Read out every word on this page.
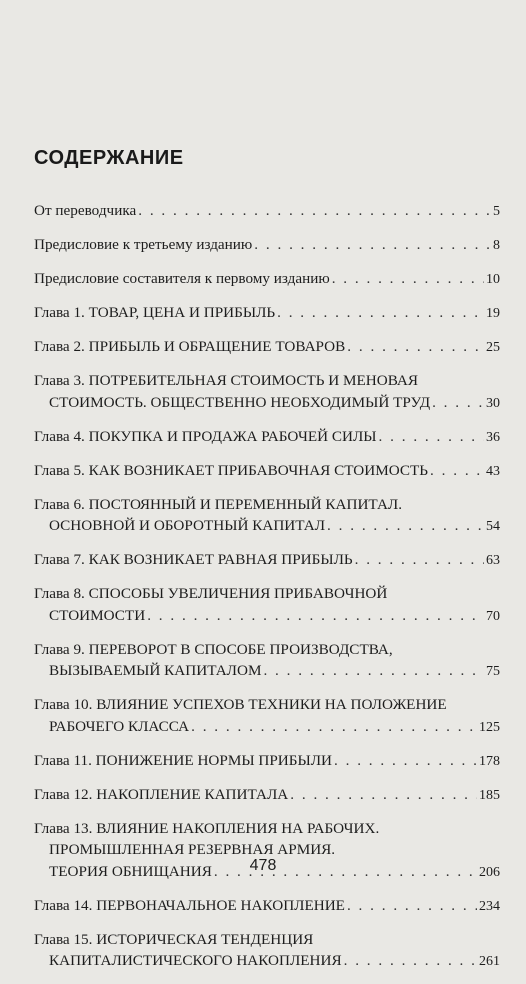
СОДЕРЖАНИЕ
От переводчика . . .	5
Предисловие к третьему изданию . . .	8
Предисловие составителя к первому изданию . . .	10
Глава 1. ТОВАР, ЦЕНА И ПРИБЫЛЬ . . .	19
Глава 2. ПРИБЫЛЬ И ОБРАЩЕНИЕ ТОВАРОВ . . .	25
Глава 3. ПОТРЕБИТЕЛЬНАЯ СТОИМОСТЬ И МЕНОВАЯ
СТОИМОСТЬ. ОБЩЕСТВЕННО НЕОБХОДИМЫЙ ТРУД . . .	30
Глава 4. ПОКУПКА И ПРОДАЖА РАБОЧЕЙ СИЛЫ . . .	36
Глава 5. КАК ВОЗНИКАЕТ ПРИБАВОЧНАЯ СТОИМОСТЬ . . .	43
Глава 6. ПОСТОЯННЫЙ И ПЕРЕМЕННЫЙ КАПИТАЛ.
ОСНОВНОЙ И ОБОРОТНЫЙ КАПИТАЛ . . .	54
Глава 7. КАК ВОЗНИКАЕТ РАВНАЯ ПРИБЫЛЬ . . .	63
Глава 8. СПОСОБЫ УВЕЛИЧЕНИЯ ПРИБАВОЧНОЙ
СТОИМОСТИ . . .	70
Глава 9. ПЕРЕВОРОТ В СПОСОБЕ ПРОИЗВОДСТВА,
ВЫЗЫВАЕМЫЙ КАПИТАЛОМ . . .	75
Глава 10. ВЛИЯНИЕ УСПЕХОВ ТЕХНИКИ НА ПОЛОЖЕНИЕ
РАБОЧЕГО КЛАССА . . .	125
Глава 11. ПОНИЖЕНИЕ НОРМЫ ПРИБЫЛИ . . .	178
Глава 12. НАКОПЛЕНИЕ КАПИТАЛА . . .	185
Глава 13. ВЛИЯНИЕ НАКОПЛЕНИЯ НА РАБОЧИХ.
ПРОМЫШЛЕННАЯ РЕЗЕРВНАЯ АРМИЯ.
ТЕОРИЯ ОБНИЩАНИЯ . . .	206
Глава 14. ПЕРВОНАЧАЛЬНОЕ НАКОПЛЕНИЕ . . .	234
Глава 15. ИСТОРИЧЕСКАЯ ТЕНДЕНЦИЯ
КАПИТАЛИСТИЧЕСКОГО НАКОПЛЕНИЯ . . .	261
478
